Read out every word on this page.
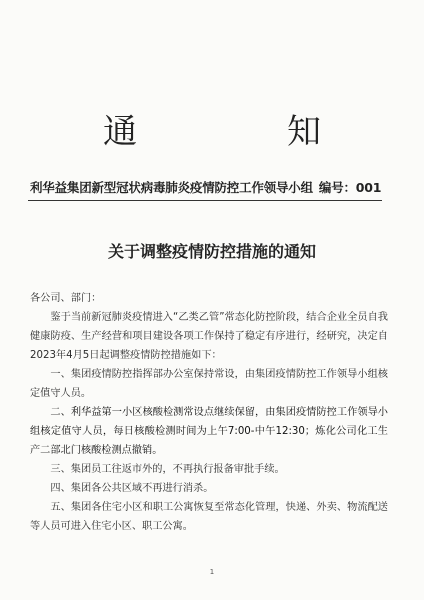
通	知
利华益集团新型冠状病毒肺炎疫情防控工作领导小组 编号：001
关于调整疫情防控措施的通知

各公司、部门：

鉴于当前新冠肺炎疫情进入“乙类乙管”常态化防控阶段，结合企业全员自我健康防疫、生产经营和项目建设各项工作保持了稳定有序进行，经研究，决定自2023年4月5日起调整疫情防控措施如下：

一、集团疫情防控指挥部办公室保持常设，由集团疫情防控工作领导小组核定值守人员。

二、利华益第一小区核酸检测常设点继续保留，由集团疫情防控工作领导小组核定值守人员，每日核酸检测时间为上午7:00-中午12:30；炼化公司化工生产二部北门核酸检测点撤销。

三、集团员工往返市外的，不再执行报备审批手续。

四、集团各公共区域不再进行消杀。

五、集团各住宅小区和职工公寓恢复至常态化管理，快递、外卖、物流配送等人员可进入住宅小区、职工公寓。

1
